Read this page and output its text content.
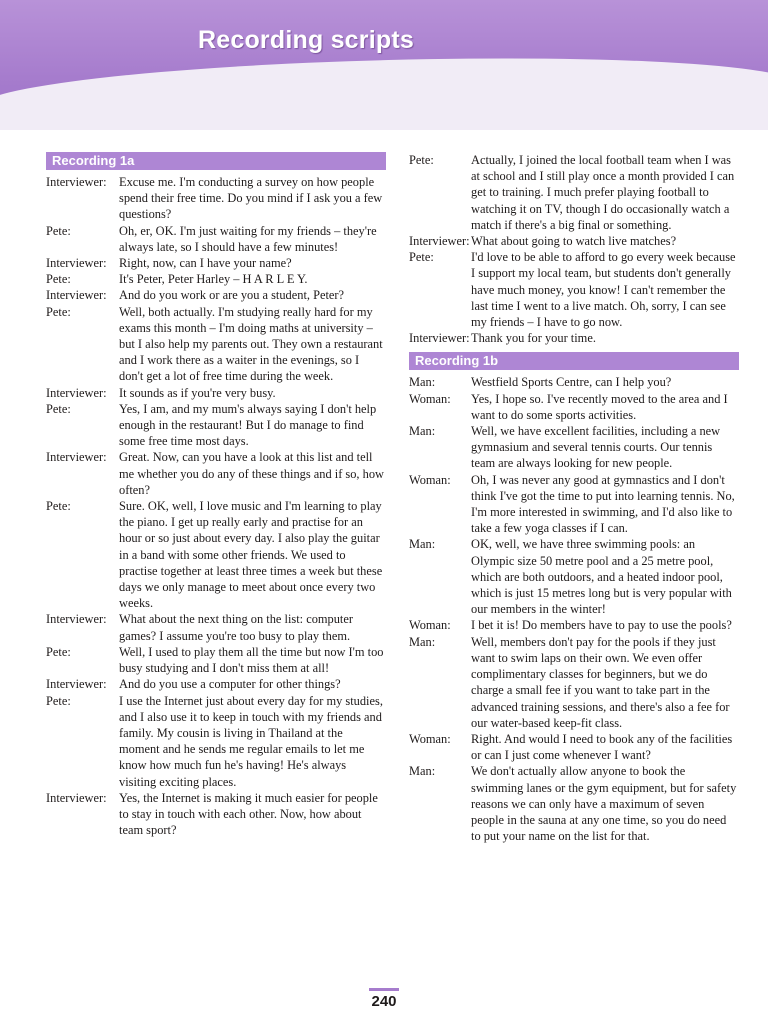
Recording scripts
Recording 1a
Interviewer:	Excuse me. I'm conducting a survey on how people spend their free time. Do you mind if I ask you a few questions?
Pete:	Oh, er, OK. I'm just waiting for my friends – they're always late, so I should have a few minutes!
Interviewer:	Right, now, can I have your name?
Pete:	It's Peter, Peter Harley – H A R L E Y.
Interviewer:	And do you work or are you a student, Peter?
Pete:	Well, both actually. I'm studying really hard for my exams this month – I'm doing maths at university – but I also help my parents out. They own a restaurant and I work there as a waiter in the evenings, so I don't get a lot of free time during the week.
Interviewer:	It sounds as if you're very busy.
Pete:	Yes, I am, and my mum's always saying I don't help enough in the restaurant! But I do manage to find some free time most days.
Interviewer:	Great. Now, can you have a look at this list and tell me whether you do any of these things and if so, how often?
Pete:	Sure. OK, well, I love music and I'm learning to play the piano. I get up really early and practise for an hour or so just about every day. I also play the guitar in a band with some other friends. We used to practise together at least three times a week but these days we only manage to meet about once every two weeks.
Interviewer:	What about the next thing on the list: computer games? I assume you're too busy to play them.
Pete:	Well, I used to play them all the time but now I'm too busy studying and I don't miss them at all!
Interviewer:	And do you use a computer for other things?
Pete:	I use the Internet just about every day for my studies, and I also use it to keep in touch with my friends and family. My cousin is living in Thailand at the moment and he sends me regular emails to let me know how much fun he's having! He's always visiting exciting places.
Interviewer:	Yes, the Internet is making it much easier for people to stay in touch with each other. Now, how about team sport?
Pete:	Actually, I joined the local football team when I was at school and I still play once a month provided I can get to training. I much prefer playing football to watching it on TV, though I do occasionally watch a match if there's a big final or something.
Interviewer: What about going to watch live matches?
Pete:	I'd love to be able to afford to go every week because I support my local team, but students don't generally have much money, you know! I can't remember the last time I went to a live match. Oh, sorry, I can see my friends – I have to go now.
Interviewer: Thank you for your time.
Recording 1b
Man:	Westfield Sports Centre, can I help you?
Woman:	Yes, I hope so. I've recently moved to the area and I want to do some sports activities.
Man:	Well, we have excellent facilities, including a new gymnasium and several tennis courts. Our tennis team are always looking for new people.
Woman:	Oh, I was never any good at gymnastics and I don't think I've got the time to put into learning tennis. No, I'm more interested in swimming, and I'd also like to take a few yoga classes if I can.
Man:	OK, well, we have three swimming pools: an Olympic size 50 metre pool and a 25 metre pool, which are both outdoors, and a heated indoor pool, which is just 15 metres long but is very popular with our members in the winter!
Woman:	I bet it is! Do members have to pay to use the pools?
Man:	Well, members don't pay for the pools if they just want to swim laps on their own. We even offer complimentary classes for beginners, but we do charge a small fee if you want to take part in the advanced training sessions, and there's also a fee for our water-based keep-fit class.
Woman:	Right. And would I need to book any of the facilities or can I just come whenever I want?
Man:	We don't actually allow anyone to book the swimming lanes or the gym equipment, but for safety reasons we can only have a maximum of seven people in the sauna at any one time, so you do need to put your name on the list for that.
240
